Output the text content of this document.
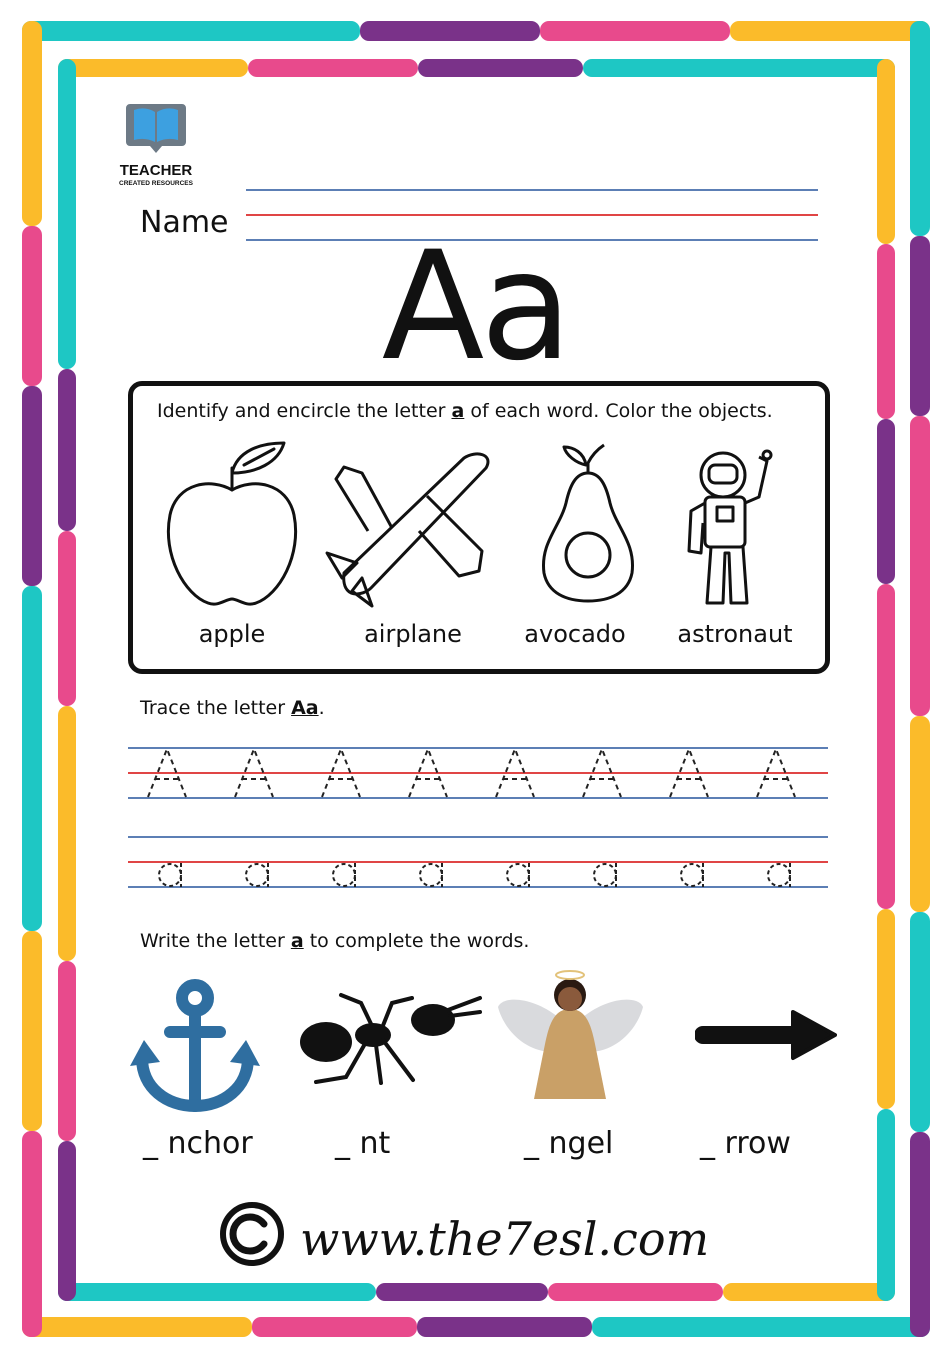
TEACHER
CREATED RESOURCES
Name	Aa
Identify and encircle the letter a of each word. Color the objects.
apple	airplane	avocado	astronaut
Trace the letter Aa.
Write the letter a to complete the words.
_ nchor	_ nt	_ ngel	_ rrow
www.the7esl.com
